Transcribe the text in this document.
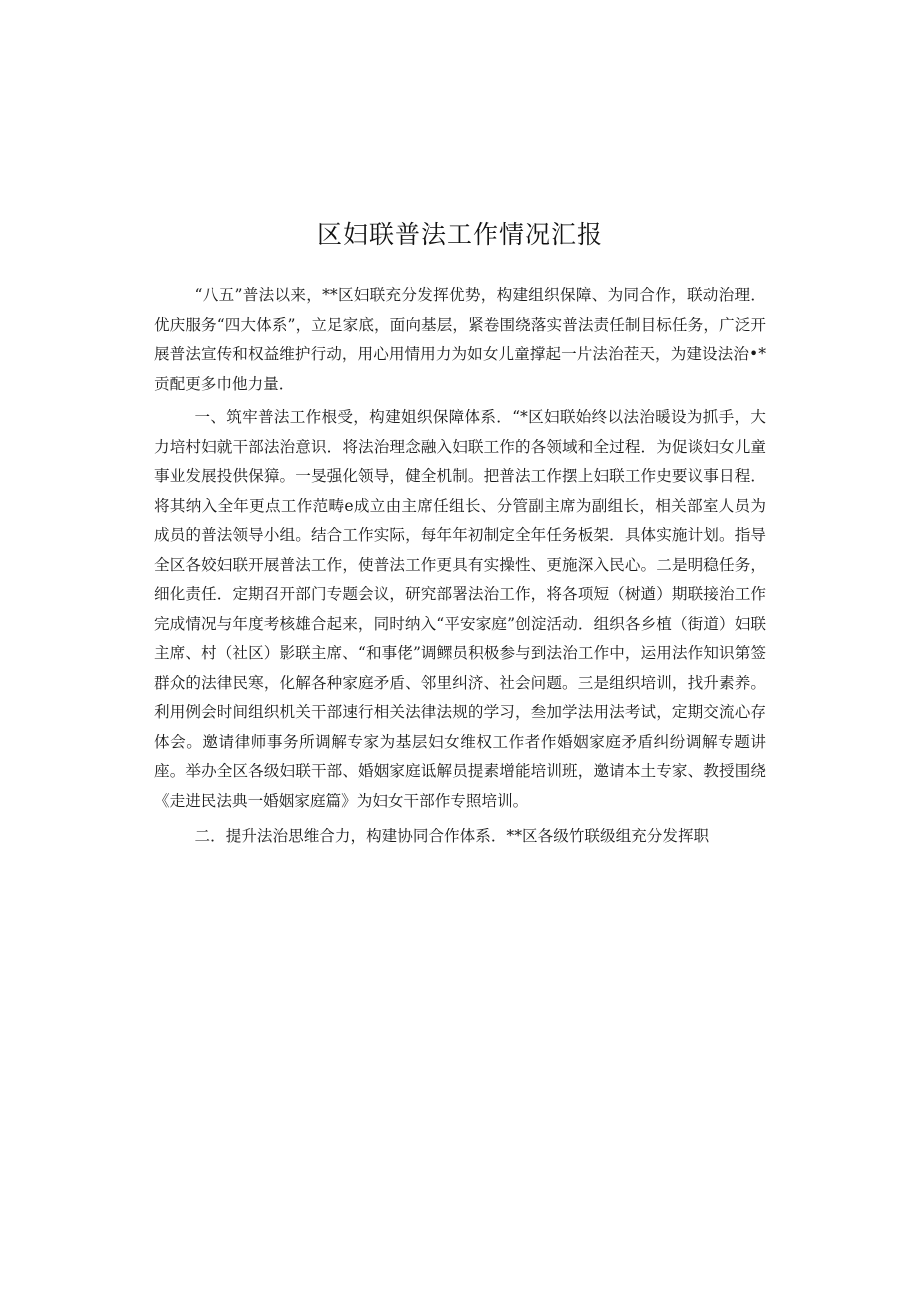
区妇联普法工作情况汇报

“八五”普法以来，**区妇联充分发挥优势，构建组织保障、为同合作，联动治理．优庆服务“四大体系”，立足家底，面向基层，紧卷围绕落实普法责任制目标任务，广泛开展普法宣传和权益维护行动，用心用情用力为如女儿童撑起一片法治茬天，为建设法治•*贡配更多巾他力量．

一、筑牢普法工作根受，构建姐织保障体系．“*区妇联始终以法治暖设为抓手，大力培村妇就干部法治意识．将法治理念融入妇联工作的各领域和全过程．为促谈妇女儿童事业发展投供保獐。一旻强化领导，健全机制。把普法工作摆上妇联工作史要议事日程．将其纳入全年更点工作范畴e成立由主席任组长、分管副主席为副组长，相关部室人员为成员的普法领导小组。结合工作实际，每年年初制定全年任务板架．具体实施计划。指导全区各姣妇联开展普法工作，使普法工作更具有实操性、更施深入民心。二是明稳任务，细化责任．定期召开部门专题会议，研究部署法治工作，将各项短（树遒）期联接治工作完成情况与年度考核雄合起来，同时纳入“平安家庭”创淀活动．组织各乡植（街道）妇联主席、村（社区）影联主席、“和事佬”调鳏员积极参与到法治工作中，运用法作知识第签群众的法律民寒，化解各种家庭矛盾、邻里纠济、社会问题。三是组织培训，找升素养。利用例会时间组织机关干部速行相关法律法规的学习，叁加学法用法考试，定期交流心存体会。邀请律师事务所调解专家为基层妇女维权工作者作婚姻家庭矛盾纠纷调解专题讲座。举办全区各级妇联干部、婚姻家庭诋解员提素增能培训班，邀请本土专家、教授围绕《走进民法典一婚姻家庭篇》为妇女干部作专照培训。

二．提升法治思维合力，构建协同合作体系．**区各级竹联级组充分发挥职
